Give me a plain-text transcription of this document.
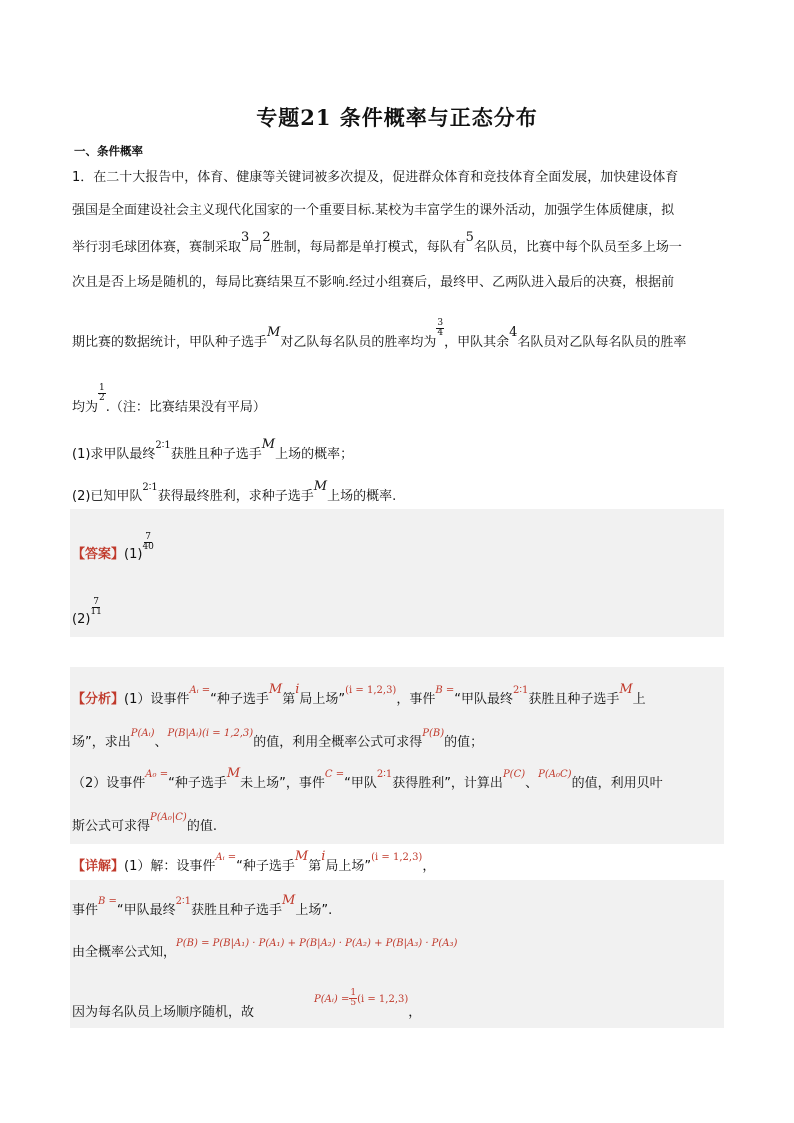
专题21 条件概率与正态分布
一、条件概率
1．在二十大报告中，体育、健康等关键词被多次提及，促进群众体育和竞技体育全面发展，加快建设体育
强国是全面建设社会主义现代化国家的一个重要目标.某校为丰富学生的课外活动，加强学生体质健康，拟
举行羽毛球团体赛，赛制采取3局2胜制，每局都是单打模式，每队有5名队员，比赛中每个队员至多上场一
次且是否上场是随机的，每局比赛结果互不影响.经过小组赛后，最终甲、乙两队进入最后的决赛，根据前
期比赛的数据统计，甲队种子选手M对乙队每名队员的胜率均为
$\frac{3}{4}$
，甲队其余4名队员对乙队每名队员的胜率
均为
$\frac{1}{2}$
.（注：比赛结果没有平局）
(1)求甲队最终$^{2∶1}$获胜且种子选手M上场的概率；
(2)已知甲队$^{2∶1}$获得最终胜利，求种子选手M上场的概率.
【答案】(1)
$\frac{7}{40}$
(2)
$\frac{7}{11}$
【分析】(1）设事件$^{Aᵢ =}$“种子选手M第i局上场”$^{(i = 1,2,3)}$，事件$^{B =}$“甲队最终$^{2∶1}$获胜且种子选手M上
场”，求出$^{P(Aᵢ)}$、$^{P(B|Aᵢ)(i = 1,2,3)}$的值，利用全概率公式可求得$^{P(B)}$的值；
（2）设事件$^{A_0 =}$“种子选手M未上场”，事件$^{C =}$“甲队$^{2∶1}$获得胜利”，计算出$^{P(C)}$、$^{P(A_0C)}$的值，利用贝叶
斯公式可求得$^{P(A_0|C)}$的值.
【详解】(1）解：设事件$^{Aᵢ =}$“种子选手M第i局上场”$^{(i = 1,2,3)}$，
事件$^{B =}$“甲队最终$^{2∶1}$获胜且种子选手M上场”.
由全概率公式知，$^{P(B) = P(B|A_1) \cdot P(A_1) + P(B|A_2) \cdot P(A_2) + P(B|A_3) \cdot P(A_3)}$
因为每名队员上场顺序随机，故$^{P(Aᵢ) =} \frac{1}{5} ^{(i = 1,2,3)}$，
